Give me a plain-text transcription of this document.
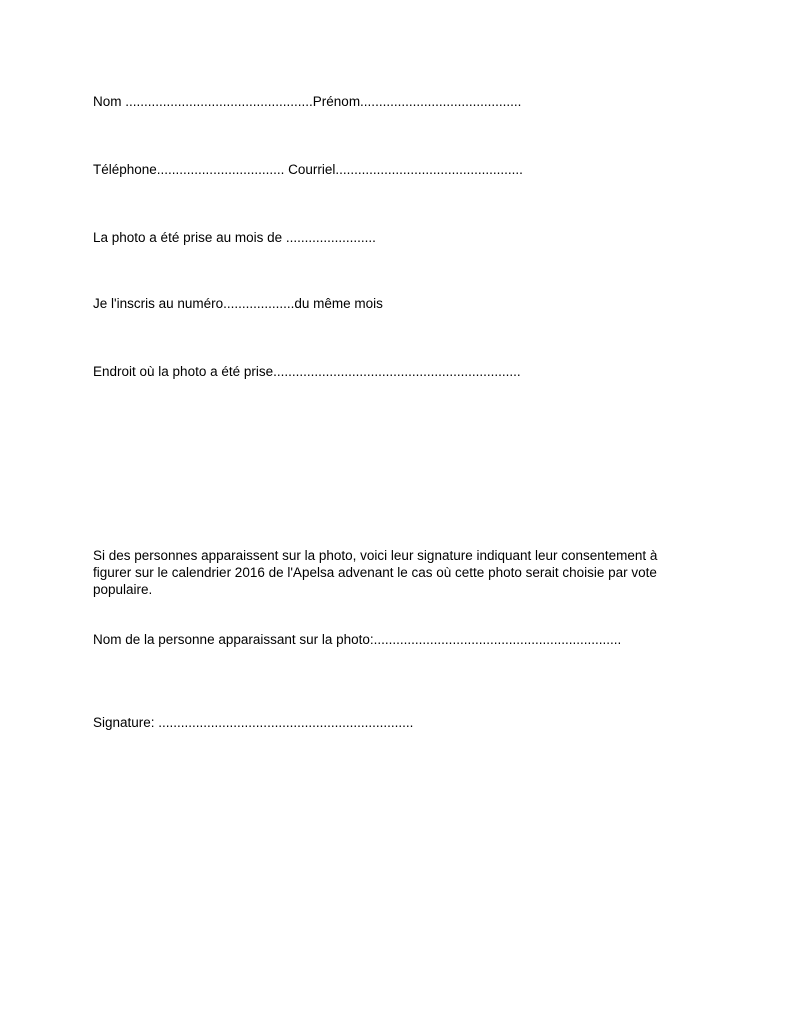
Nom ..................................................Prénom...........................................
Téléphone.................................. Courriel..................................................
La photo a été prise au mois de ........................
Je l'inscris au numéro...................du même mois
Endroit où la photo a été prise..................................................................
Si des personnes apparaissent sur la photo, voici leur signature indiquant leur consentement à
figurer sur le calendrier 2016 de l'Apelsa advenant le cas où cette photo serait choisie par vote
populaire.
Nom de la personne apparaissant sur la photo:..................................................................
Signature: ....................................................................
